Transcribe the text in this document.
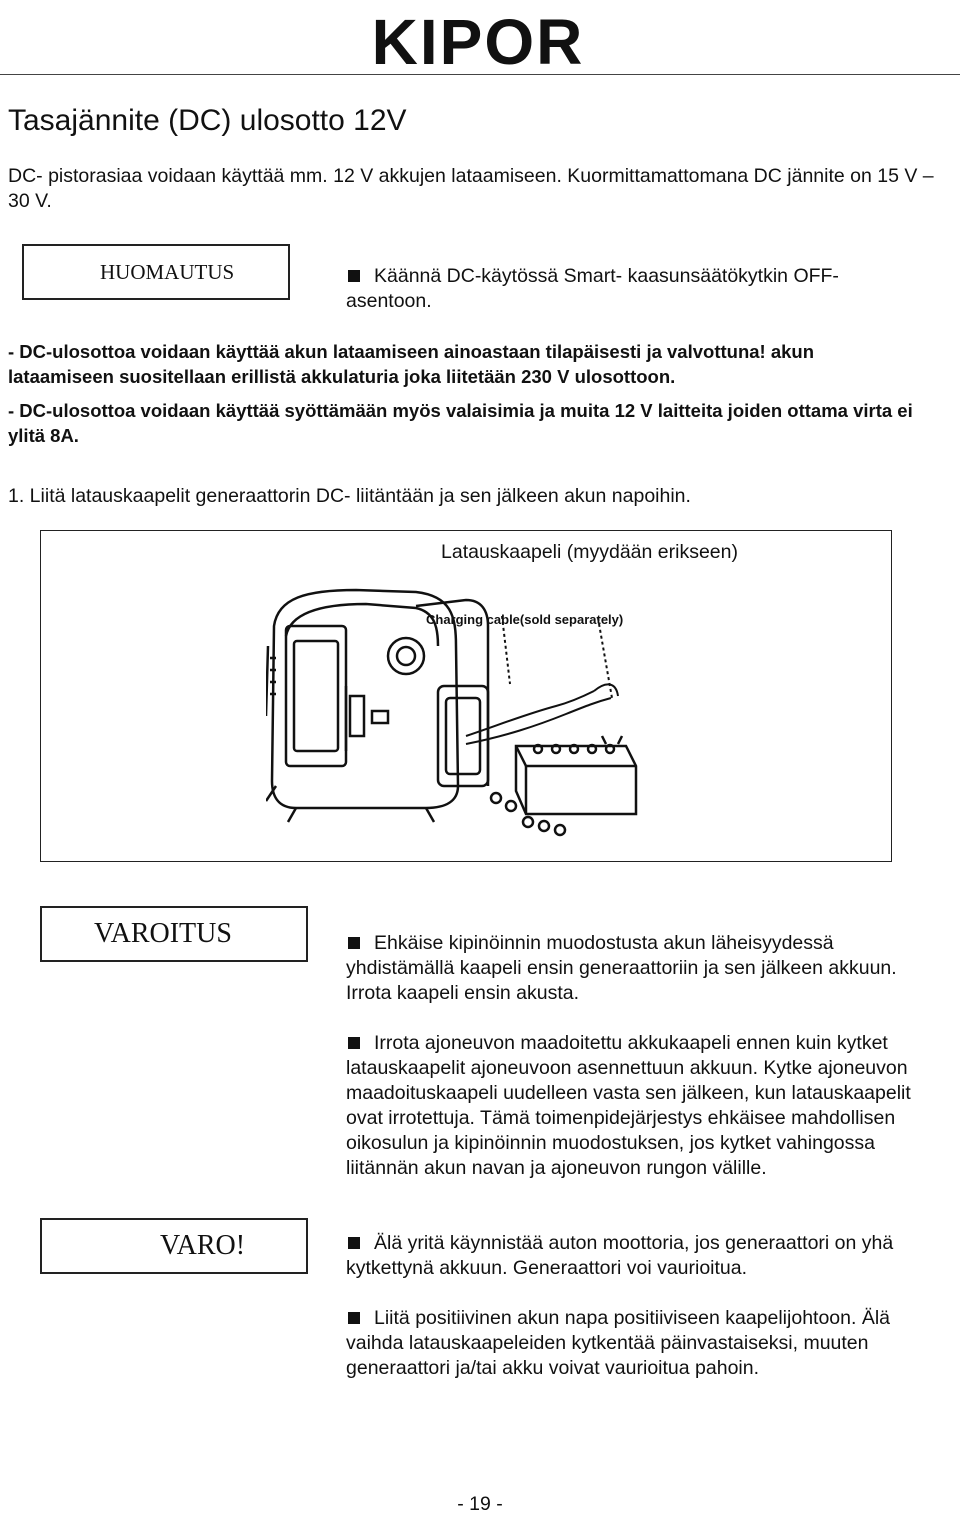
KIPOR
Tasajännite (DC) ulosotto 12V
DC- pistorasiaa voidaan käyttää mm. 12 V akkujen lataamiseen. Kuormittamattomana DC jännite on 15 V – 30 V.
HUOMAUTUS	Käännä DC-käytössä Smart- kaasunsäätökytkin OFF-asentoon.
- DC-ulosottoa voidaan käyttää akun lataamiseen ainoastaan tilapäisesti ja valvottuna! akun lataamiseen suositellaan erillistä akkulaturia joka liitetään 230 V ulosottoon.
- DC-ulosottoa voidaan käyttää syöttämään myös valaisimia ja muita 12 V laitteita joiden ottama virta ei ylitä 8A.
1. Liitä latauskaapelit generaattorin DC- liitäntään ja sen jälkeen akun napoihin.
Latauskaapeli (myydään erikseen)
Charging cable(sold separately)
VAROITUS	Ehkäise kipinöinnin muodostusta akun läheisyydessä yhdistämällä kaapeli ensin generaattoriin ja sen jälkeen akkuun. Irrota kaapeli ensin akusta.
Irrota ajoneuvon maadoitettu akkukaapeli ennen kuin kytket latauskaapelit ajoneuvoon asennettuun akkuun. Kytke ajoneuvon maadoituskaapeli uudelleen vasta sen jälkeen, kun latauskaapelit ovat irrotettuja. Tämä toimenpidejärjestys ehkäisee mahdollisen oikosulun ja kipinöinnin muodostuksen, jos kytket vahingossa liitännän akun navan ja ajoneuvon rungon välille.
VARO!	Älä yritä käynnistää auton moottoria, jos generaattori on yhä kytkettynä akkuun. Generaattori voi vaurioitua.
Liitä positiivinen akun napa positiiviseen kaapelijohtoon. Älä vaihda latauskaapeleiden kytkentää päinvastaiseksi, muuten generaattori ja/tai akku voivat vaurioitua pahoin.
- 19 -
